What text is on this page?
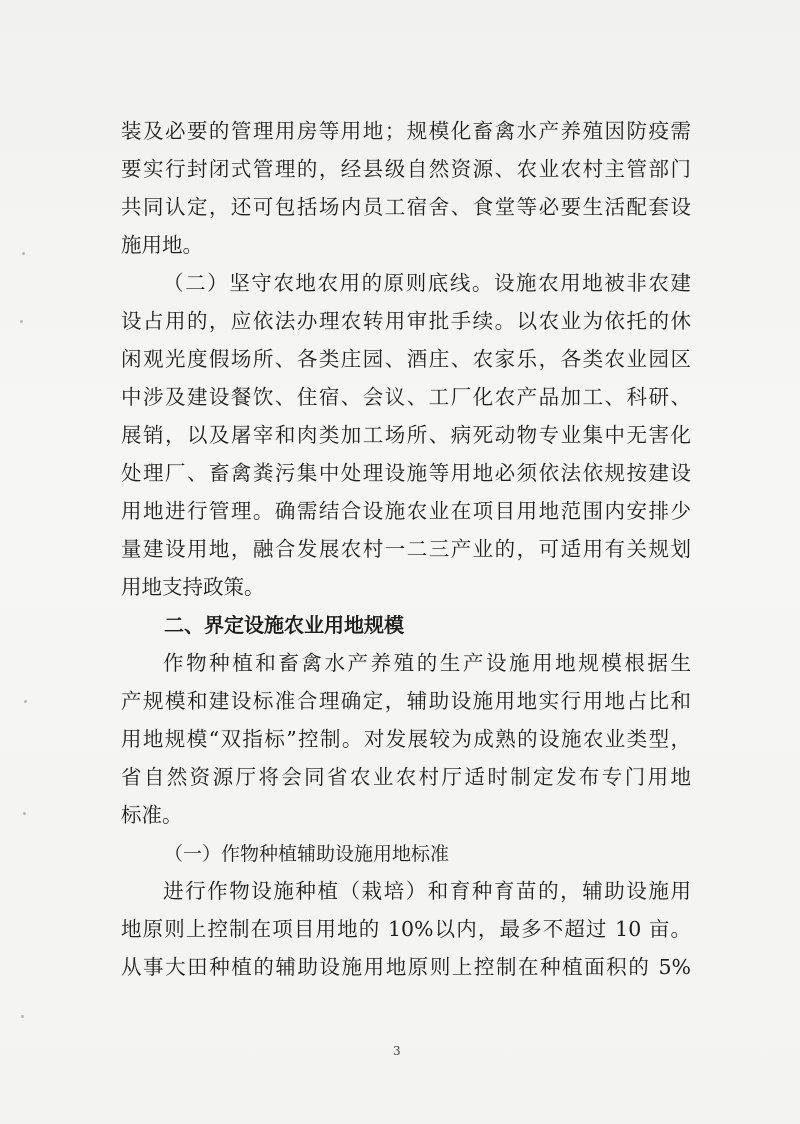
装及必要的管理用房等用地；规模化畜禽水产养殖因防疫需
要实行封闭式管理的，经县级自然资源、农业农村主管部门
共同认定，还可包括场内员工宿舍、食堂等必要生活配套设
施用地。
（二）坚守农地农用的原则底线。设施农用地被非农建
设占用的，应依法办理农转用审批手续。以农业为依托的休
闲观光度假场所、各类庄园、酒庄、农家乐，各类农业园区
中涉及建设餐饮、住宿、会议、工厂化农产品加工、科研、
展销，以及屠宰和肉类加工场所、病死动物专业集中无害化
处理厂、畜禽粪污集中处理设施等用地必须依法依规按建设
用地进行管理。确需结合设施农业在项目用地范围内安排少
量建设用地，融合发展农村一二三产业的，可适用有关规划
用地支持政策。
二、界定设施农业用地规模
作物种植和畜禽水产养殖的生产设施用地规模根据生
产规模和建设标准合理确定，辅助设施用地实行用地占比和
用地规模“双指标”控制。对发展较为成熟的设施农业类型，
省自然资源厅将会同省农业农村厅适时制定发布专门用地
标准。
（一）作物种植辅助设施用地标准
进行作物设施种植（栽培）和育种育苗的，辅助设施用
地原则上控制在项目用地的 10%以内，最多不超过 10 亩。
从事大田种植的辅助设施用地原则上控制在种植面积的 5%
3
